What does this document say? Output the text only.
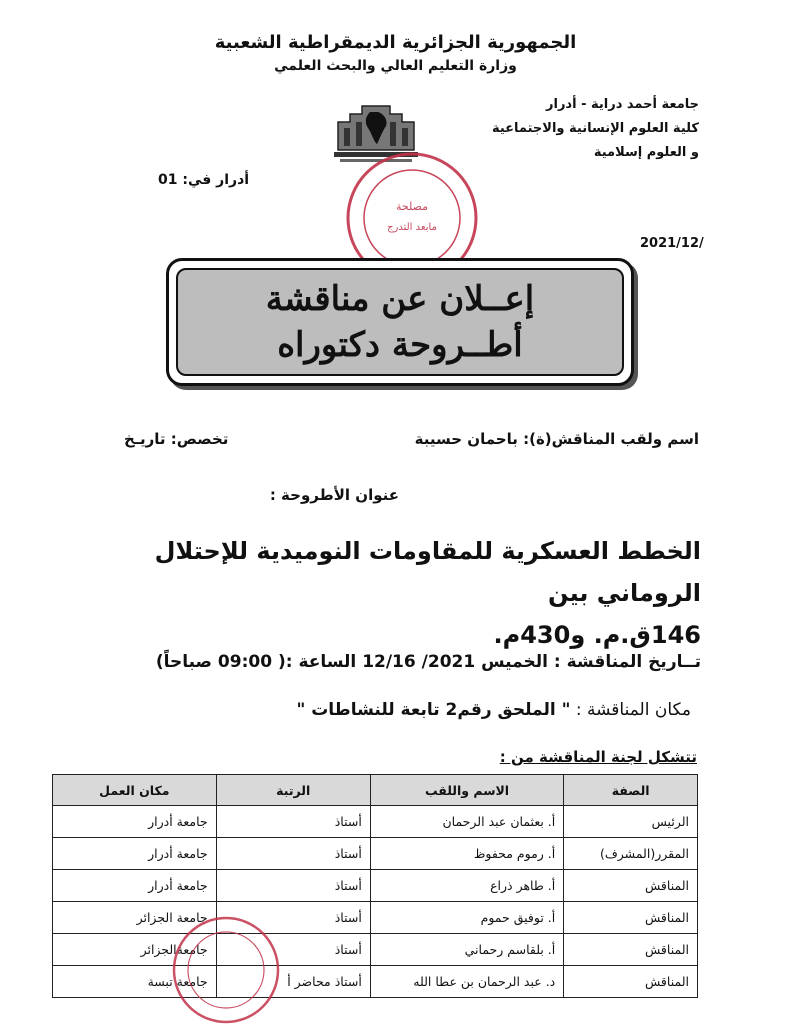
الجمهورية الجزائرية الديمقراطية الشعبية
وزارة التعليم العالي والبحث العلمي
جامعة أحمد دراية - أدرار
كلية العلوم الإنسانية والاجتماعية
و العلوم إسلامية
مصلحة
مابعد التدرج
أدرار في: 01
2021/12/
إعــلان عن مناقشة
أطــروحة دكتوراه
اسم ولقب المناقش(ة): باحمان حسيبة
تخصص: تاريـخ
عنوان الأطروحة :
الخطط العسكرية للمقاومات النوميدية للإحتلال الروماني بين
146ق.م. و430م.
تــاريخ المناقشة : الخميس 2021/ 12/16 الساعة :( 09:00 صباحاً)
مكان المناقشة : " الملحق رقم2 تابعة للنشاطات "
تتشكل لجنة المناقشة من :
الصفة	الاسم واللقب	الرتبة	مكان العمل
الرئيس	أ. بعثمان عبد الرحمان	أستاذ	جامعة أدرار
المقرر(المشرف)	أ. رموم محفوظ	أستاذ	جامعة أدرار
المناقش	أ. طاهر ذراع	أستاذ	جامعة أدرار
المناقش	أ. توفيق حموم	أستاذ	جامعة الجزائر
المناقش	أ. بلقاسم رحماني	أستاذ	جامعةالجزائر
المناقش	د. عبد الرحمان بن عطا الله	أستاذ محاضر أ	جامعة تبسة
